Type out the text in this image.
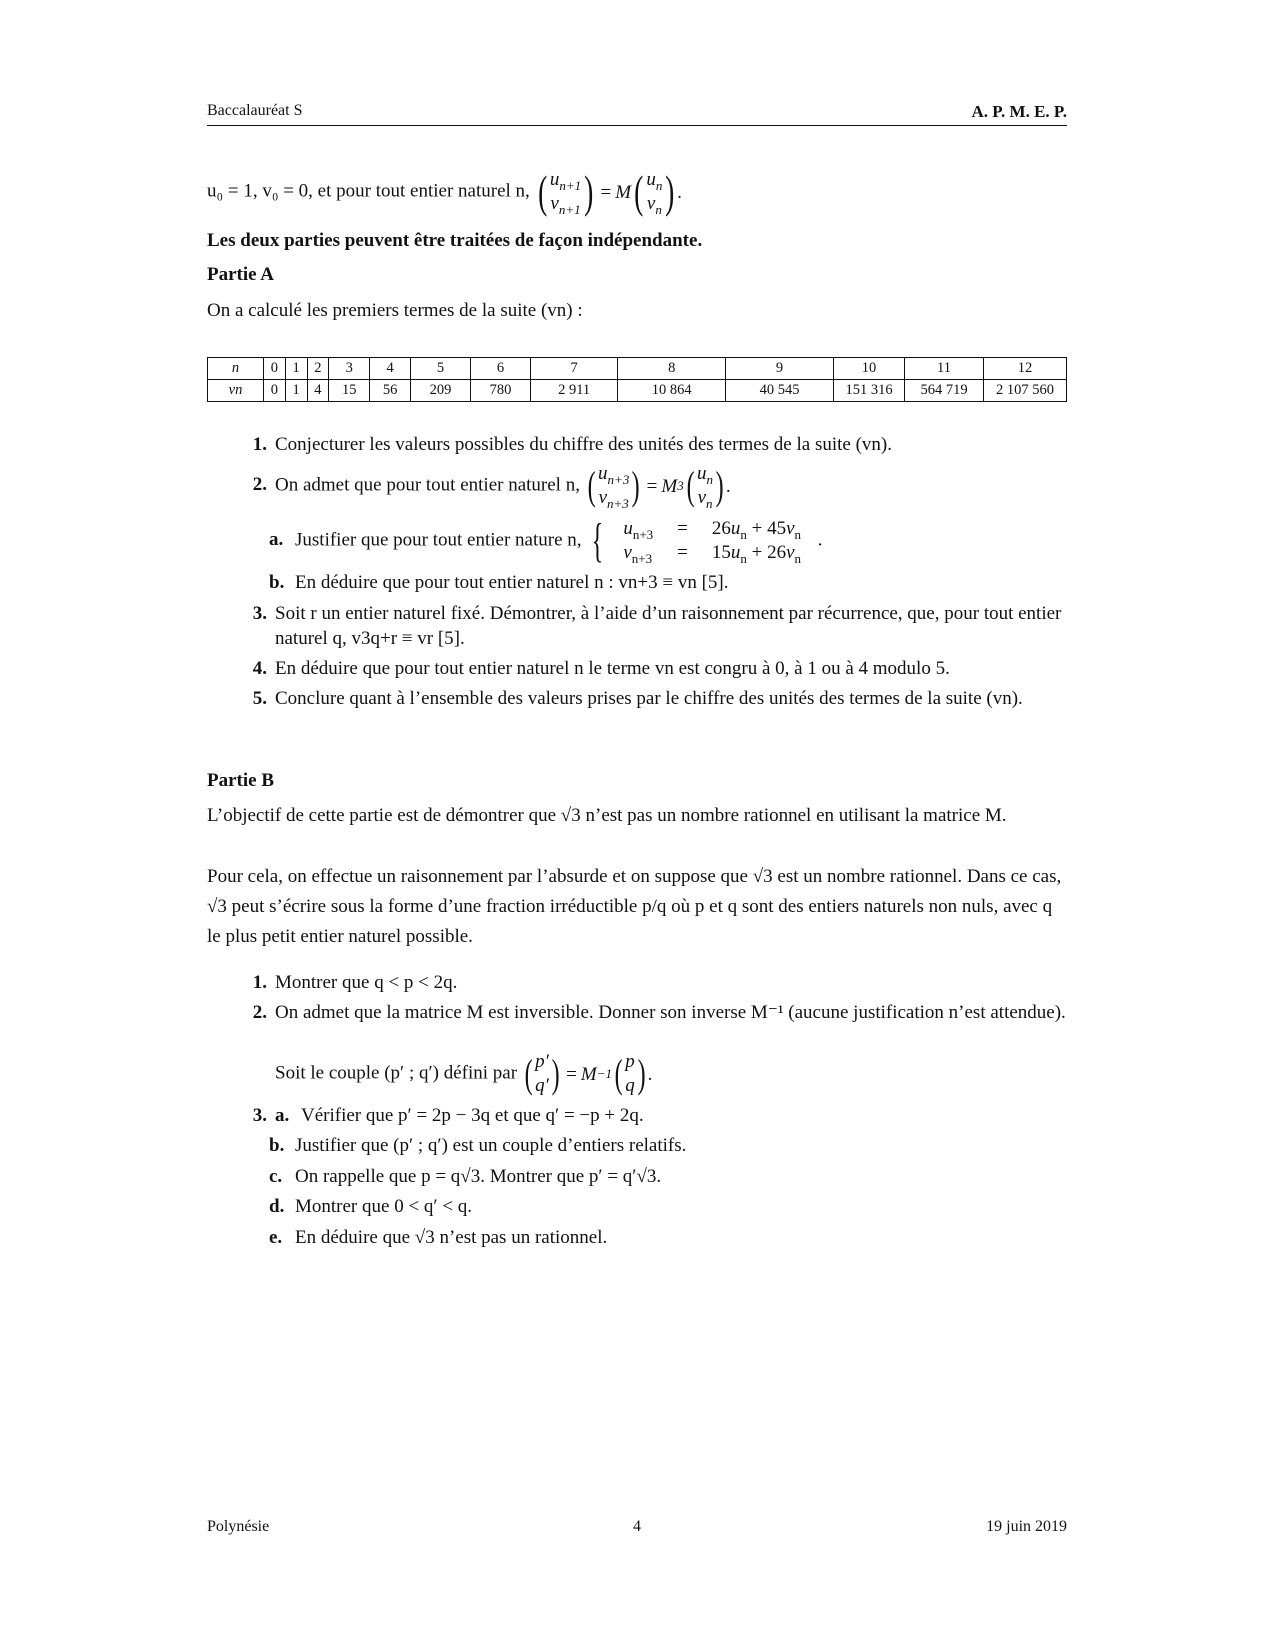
Baccalauréat S	A. P. M. E. P.
u₀ = 1, v₀ = 0, et pour tout entier naturel n, ( $u_{n+1}$
$v_{n+1}$ ) = M ( $u_n$
$v_n$ ) .
Les deux parties peuvent être traitées de façon indépendante.
Partie A
On a calculé les premiers termes de la suite (vn) :
n	0	1	2	3	4	5	6	7	8	9	10	11	12
vn	0	1	4	15	56	209	780	2 911	10 864	40 545	151 316	564 719	2 107 560
1. Conjecturer les valeurs possibles du chiffre des unités des termes de la suite (vn).
2. On admet que pour tout entier naturel n, ( $u_{n+3}$
$v_{n+3}$ ) = M 3 ( $u_n$
$v_n$ ) .
a. Justifier que pour tout entier nature n, { $u_{n+3}$	=	$26u_n + 45v_n$
$v_{n+3}$	=	$15u_n + 26v_n$
.
b. En déduire que pour tout entier naturel n : vn+3 ≡ vn [5].
3. Soit r un entier naturel fixé. Démontrer, à l’aide d’un raisonnement par récurrence, que, pour tout entier naturel q, v3q+r ≡ vr [5].
4. En déduire que pour tout entier naturel n le terme vn est congru à 0, à 1 ou à 4 modulo 5.
5. Conclure quant à l’ensemble des valeurs prises par le chiffre des unités des termes de la suite (vn).
Partie B
L’objectif de cette partie est de démontrer que √3 n’est pas un nombre rationnel en utilisant la matrice M.
Pour cela, on effectue un raisonnement par l’absurde et on suppose que √3 est un nombre rationnel. Dans ce cas, √3 peut s’écrire sous la forme d’une fraction irréductible p/q où p et q sont des entiers naturels non nuls, avec q le plus petit entier naturel possible.
1. Montrer que q < p < 2q.
2. On admet que la matrice M est inversible. Donner son inverse M⁻¹ (aucune justification n’est attendue).
Soit le couple (p′ ; q′) défini par ( p′
q′ ) = M −1 ( p
q ) .
3. a. Vérifier que p′ = 2p − 3q et que q′ = −p + 2q.
b. Justifier que (p′ ; q′) est un couple d’entiers relatifs.
c. On rappelle que p = q√3. Montrer que p′ = q′√3.
d. Montrer que 0 < q′ < q.
e. En déduire que √3 n’est pas un rationnel.
Polynésie	4	19 juin 2019
